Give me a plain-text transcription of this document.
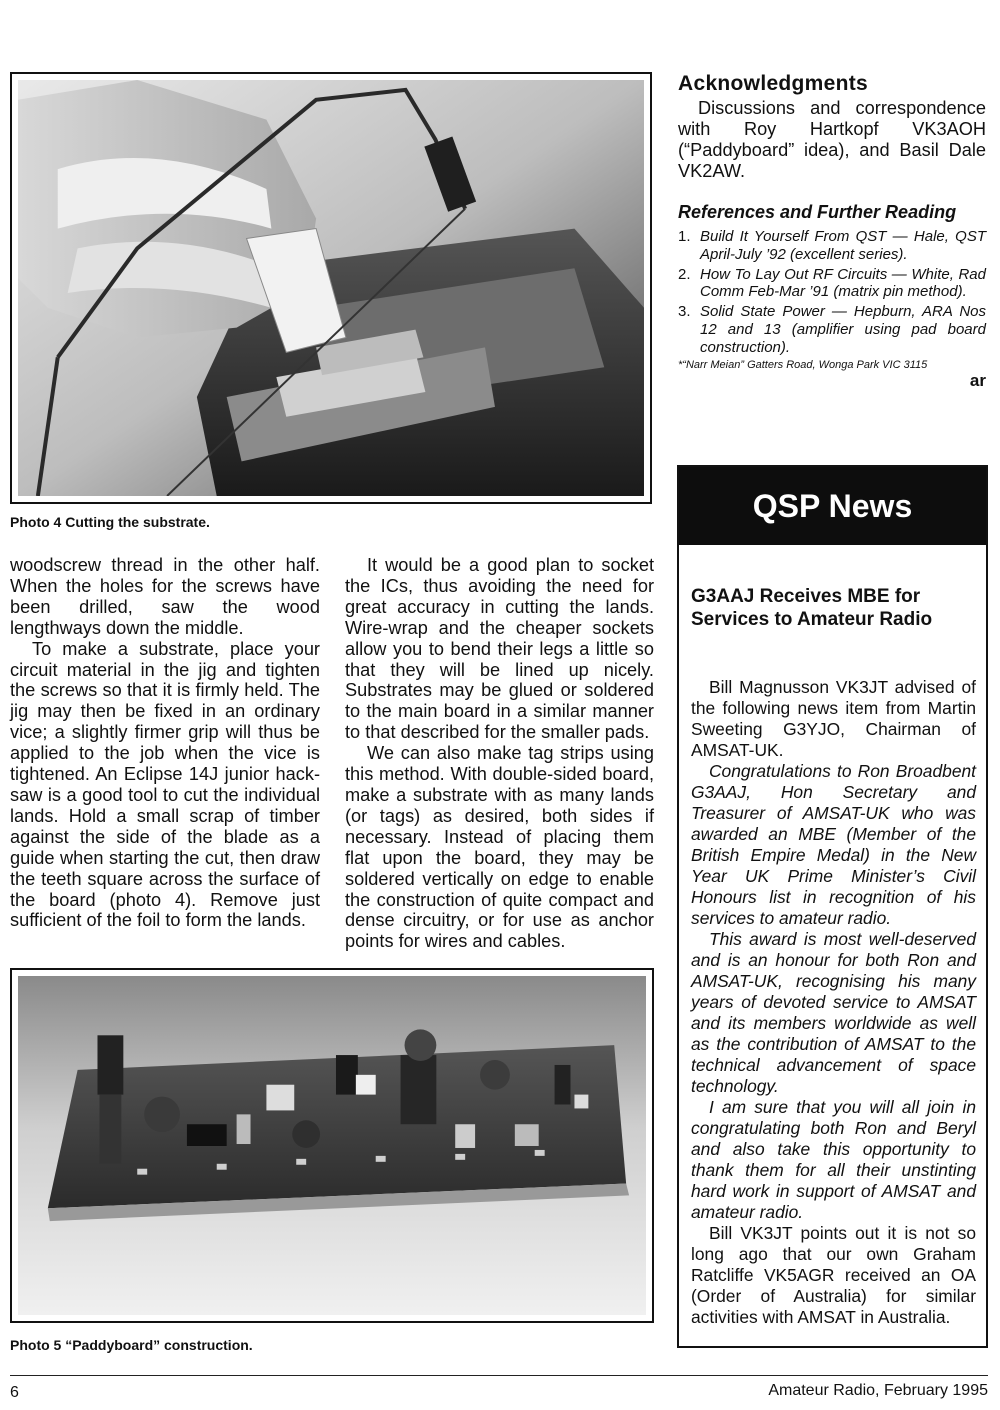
Photo 4 Cutting the substrate.

woodscrew thread in the other half. When the holes for the screws have been drilled, saw the wood lengthways down the middle.

To make a substrate, place your circuit material in the jig and tighten the screws so that it is firmly held. The jig may then be fixed in an ordinary vice; a slightly firmer grip will thus be applied to the job when the vice is tightened. An Eclipse 14J junior hack-saw is a good tool to cut the individual lands. Hold a small scrap of timber against the side of the blade as a guide when starting the cut, then draw the teeth square across the surface of the board (photo 4). Remove just sufficient of the foil to form the lands.

It would be a good plan to socket the ICs, thus avoiding the need for great accuracy in cutting the lands. Wire-wrap and the cheaper sockets allow you to bend their legs a little so that they will be lined up nicely. Substrates may be glued or soldered to the main board in a similar manner to that described for the smaller pads.

We can also make tag strips using this method. With double-sided board, make a substrate with as many lands (or tags) as desired, both sides if necessary. Instead of placing them flat upon the board, they may be soldered vertically on edge to enable the construction of quite compact and dense circuitry, or for use as anchor points for wires and cables.

Acknowledgments

Discussions and correspondence with Roy Hartkopf VK3AOH (“Paddyboard” idea), and Basil Dale VK2AW.

References and Further Reading
1. Build It Yourself From QST — Hale, QST April-July ’92 (excellent series).
2. How To Lay Out RF Circuits — White, Rad Comm Feb-Mar ’91 (matrix pin method).
3. Solid State Power — Hepburn, ARA Nos 12 and 13 (amplifier using pad board construction).
*“Narr Meian” Gatters Road, Wonga Park VIC 3115
ar
QSP News
G3AAJ Receives MBE for Services to Amateur Radio

Bill Magnusson VK3JT advised of the following news item from Martin Sweeting G3YJO, Chairman of AMSAT-UK.

Congratulations to Ron Broadbent G3AAJ, Hon Secretary and Treasurer of AMSAT-UK who was awarded an MBE (Member of the British Empire Medal) in the New Year UK Prime Minister’s Civil Honours list in recognition of his services to amateur radio.

This award is most well-deserved and is an honour for both Ron and AMSAT-UK, recognising his many years of devoted service to AMSAT and its members worldwide as well as the contribution of AMSAT to the technical advancement of space technology.

I am sure that you will all join in congratulating both Ron and Beryl and also take this opportunity to thank them for all their unstinting hard work in support of AMSAT and amateur radio.

Bill VK3JT points out it is not so long ago that our own Graham Ratcliffe VK5AGR received an OA (Order of Australia) for similar activities with AMSAT in Australia.

Photo 5 “Paddyboard” construction.
6	Amateur Radio, February 1995
